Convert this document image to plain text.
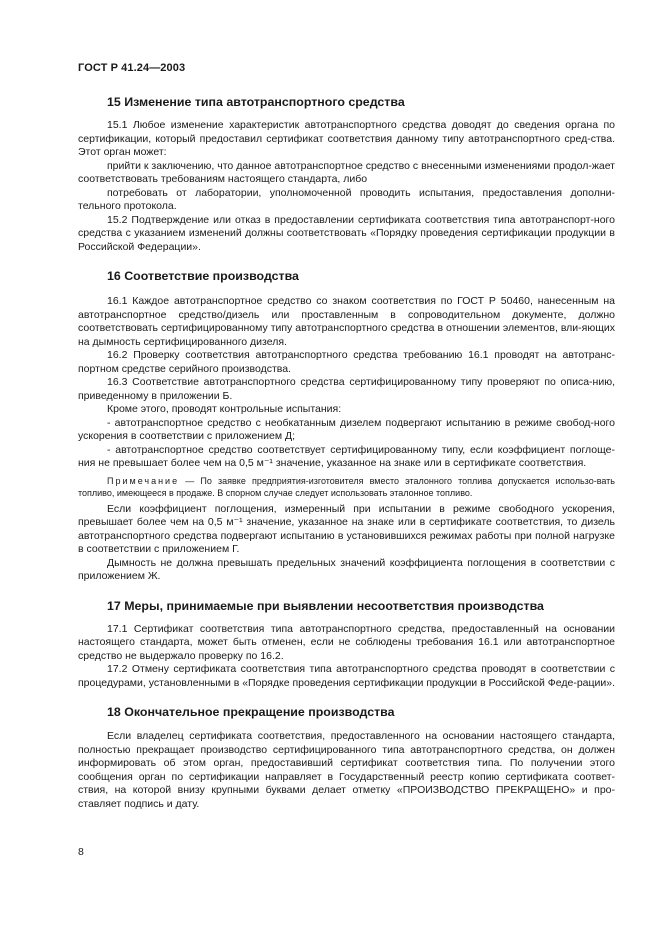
ГОСТ Р 41.24—2003

15 Изменение типа автотранспортного средства

15.1 Любое изменение характеристик автотранспортного средства доводят до сведения органа по сертификации, который предоставил сертификат соответствия данному типу автотранспортного сред-ства. Этот орган может:

прийти к заключению, что данное автотранспортное средство с внесенными изменениями продол-жает соответствовать требованиям настоящего стандарта, либо

потребовать от лаборатории, уполномоченной проводить испытания, предоставления дополни-тельного протокола.

15.2 Подтверждение или отказ в предоставлении сертификата соответствия типа автотранспорт-ного средства с указанием изменений должны соответствовать «Порядку проведения сертификации продукции в Российской Федерации».

16 Соответствие производства

16.1 Каждое автотранспортное средство со знаком соответствия по ГОСТ Р 50460, нанесенным на автотранспортное средство/дизель или проставленным в сопроводительном документе, должно соответствовать сертифицированному типу автотранспортного средства в отношении элементов, вли-яющих на дымность сертифицированного дизеля.

16.2 Проверку соответствия автотранспортного средства требованию 16.1 проводят на автотранс-портном средстве серийного производства.

16.3 Соответствие автотранспортного средства сертифицированному типу проверяют по описа-нию, приведенному в приложении Б.

Кроме этого, проводят контрольные испытания:

- автотранспортное средство с необкатанным дизелем подвергают испытанию в режиме свобод-ного ускорения в соответствии с приложением Д;

- автотранспортное средство соответствует сертифицированному типу, если коэффициент поглоще-ния не превышает более чем на 0,5 м⁻¹ значение, указанное на знаке или в сертификате соответствия.

Примечание — По заявке предприятия-изготовителя вместо эталонного топлива допускается использо-вать топливо, имеющееся в продаже. В спорном случае следует использовать эталонное топливо.

Если коэффициент поглощения, измеренный при испытании в режиме свободного ускорения, превышает более чем на 0,5 м⁻¹ значение, указанное на знаке или в сертификате соответствия, то дизель автотранспортного средства подвергают испытанию в установившихся режимах работы при полной нагрузке в соответствии с приложением Г.

Дымность не должна превышать предельных значений коэффициента поглощения в соответствии с приложением Ж.

17 Меры, принимаемые при выявлении несоответствия производства

17.1 Сертификат соответствия типа автотранспортного средства, предоставленный на основании настоящего стандарта, может быть отменен, если не соблюдены требования 16.1 или автотранспортное средство не выдержало проверку по 16.2.

17.2 Отмену сертификата соответствия типа автотранспортного средства проводят в соответствии с процедурами, установленными в «Порядке проведения сертификации продукции в Российской Феде-рации».

18 Окончательное прекращение производства

Если владелец сертификата соответствия, предоставленного на основании настоящего стандарта, полностью прекращает производство сертифицированного типа автотранспортного средства, он должен информировать об этом орган, предоставивший сертификат соответствия типа. По получении этого сообщения орган по сертификации направляет в Государственный реестр копию сертификата соответ-ствия, на которой внизу крупными буквами делает отметку «ПРОИЗВОДСТВО ПРЕКРАЩЕНО» и про-ставляет подпись и дату.

8
